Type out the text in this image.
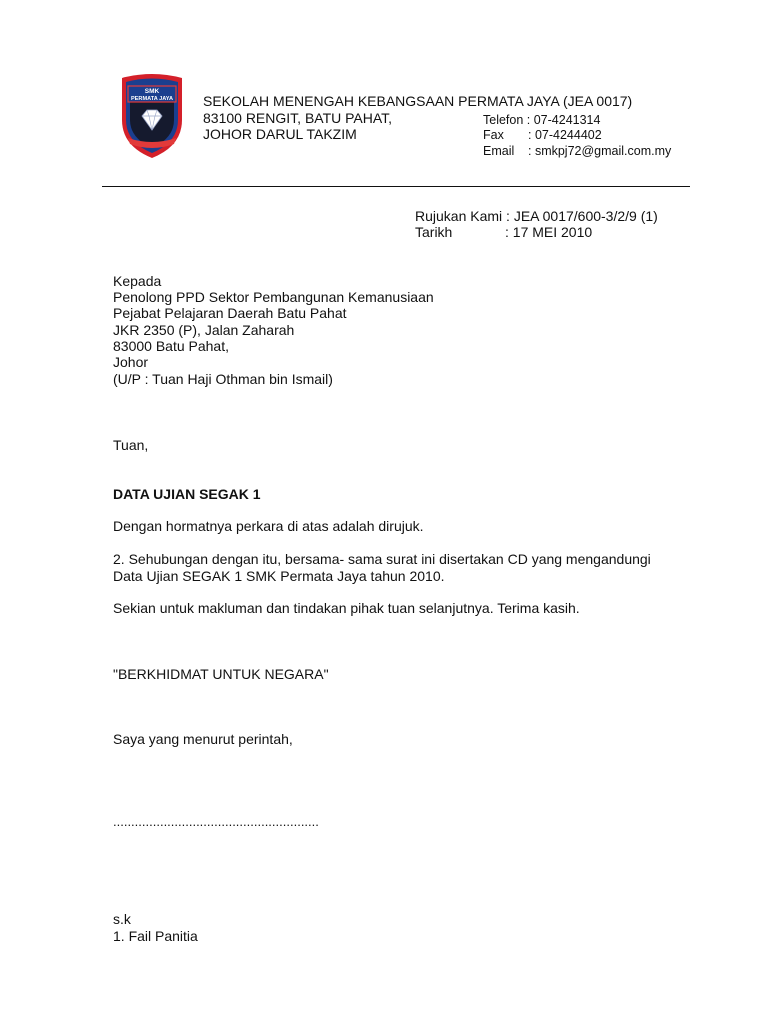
SMK
PERMATA JAYA SEKOLAH MENENGAH KEBANGSAAN PERMATA JAYA (JEA 0017)
83100 RENGIT, BATU PAHAT,
JOHOR DARUL TAKZIM
Telefon : 07-4241314
Fax : 07-4244402
Email : smkpj72@gmail.com.my
Rujukan Kami : JEA 0017/600-3/2/9 (1)
Tarikh	: 17 MEI 2010
Kepada
Penolong PPD Sektor Pembangunan Kemanusiaan
Pejabat Pelajaran Daerah Batu Pahat
JKR 2350 (P), Jalan Zaharah
83000 Batu Pahat,
Johor
(U/P : Tuan Haji Othman bin Ismail)
Tuan,
DATA UJIAN SEGAK 1
Dengan hormatnya perkara di atas adalah dirujuk.
2. Sehubungan dengan itu, bersama- sama surat ini disertakan CD yang mengandungi
Data Ujian SEGAK 1 SMK Permata Jaya tahun 2010.
Sekian untuk makluman dan tindakan pihak tuan selanjutnya. Terima kasih.
"BERKHIDMAT UNTUK NEGARA"
Saya yang menurut perintah,
.........................................................
s.k
1. Fail Panitia
